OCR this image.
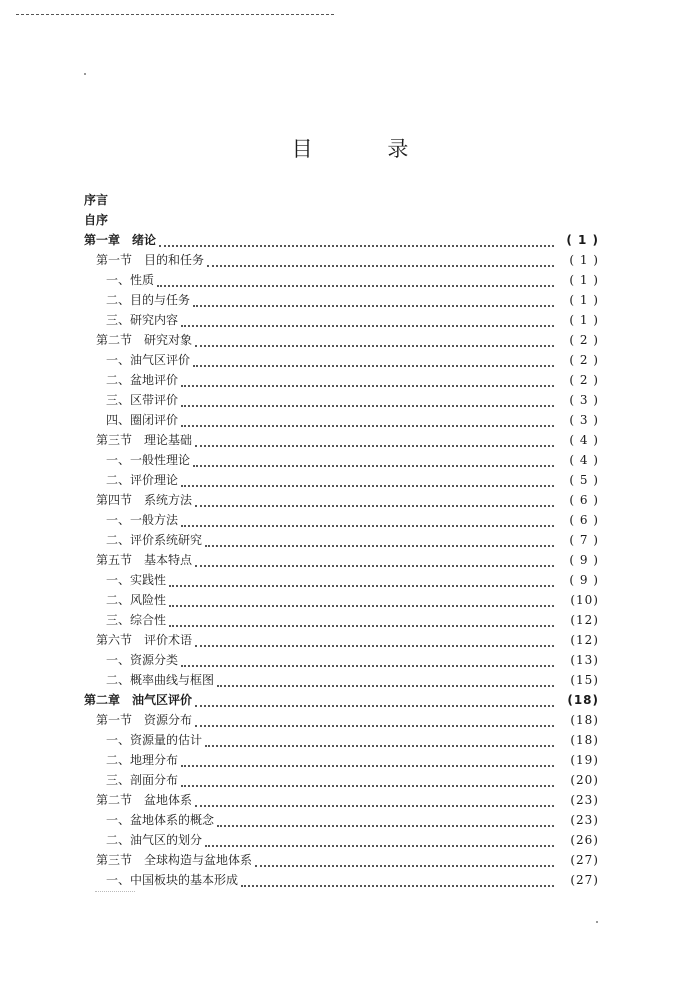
目 录
序言
自序
第一章　绪论	( 1 )
第一节　目的和任务	( 1 )
一、性质	( 1 )
二、目的与任务	( 1 )
三、研究内容	( 1 )
第二节　研究对象	( 2 )
一、油气区评价	( 2 )
二、盆地评价	( 2 )
三、区带评价	( 3 )
四、圈闭评价	( 3 )
第三节　理论基础	( 4 )
一、一般性理论	( 4 )
二、评价理论	( 5 )
第四节　系统方法	( 6 )
一、一般方法	( 6 )
二、评价系统研究	( 7 )
第五节　基本特点	( 9 )
一、实践性	( 9 )
二、风险性	(10)
三、综合性	(12)
第六节　评价术语	(12)
一、资源分类	(13)
二、概率曲线与框图	(15)
第二章　油气区评价	(18)
第一节　资源分布	(18)
一、资源量的估计	(18)
二、地理分布	(19)
三、剖面分布	(20)
第二节　盆地体系	(23)
一、盆地体系的概念	(23)
二、油气区的划分	(26)
第三节　全球构造与盆地体系	(27)
一、中国板块的基本形成	(27)
